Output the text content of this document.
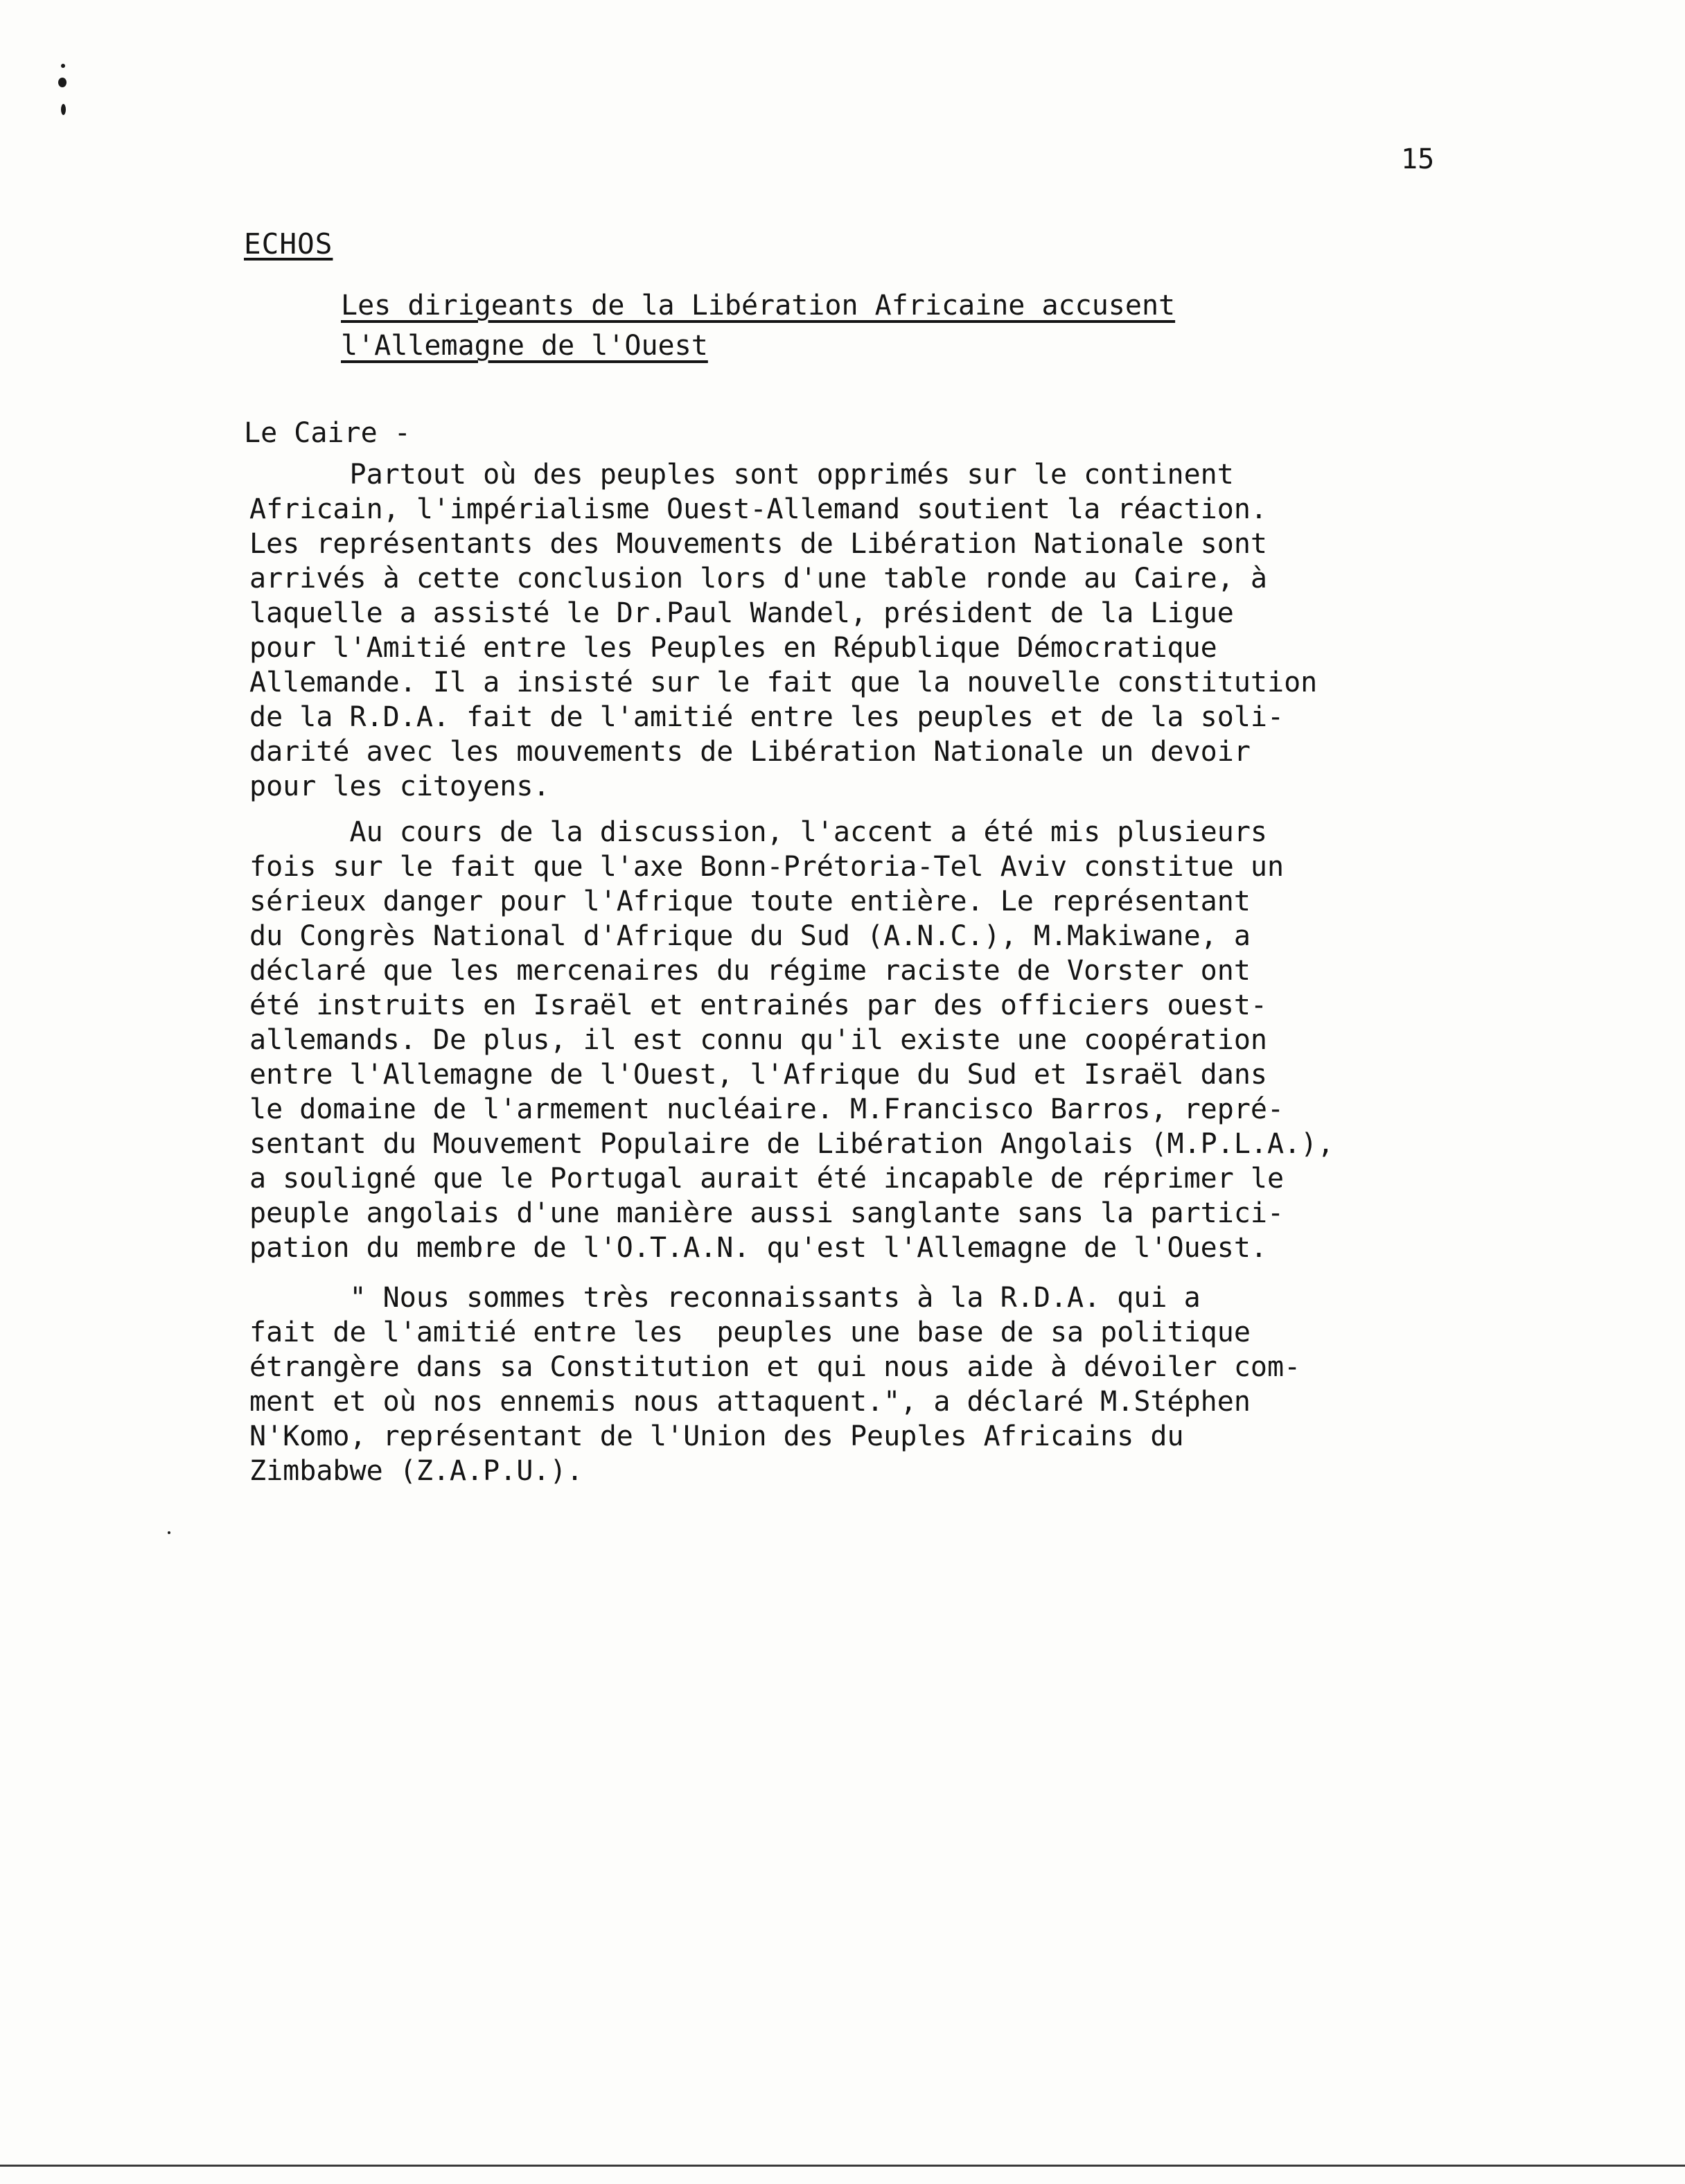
15
ECHOS
Les dirigeants de la Libération Africaine accusent
l'Allemagne de l'Ouest
Le Caire -
Partout où des peuples sont opprimés sur le continent
Africain, l'impérialisme Ouest-Allemand soutient la réaction.
Les représentants des Mouvements de Libération Nationale sont
arrivés à cette conclusion lors d'une table ronde au Caire, à
laquelle a assisté le Dr.Paul Wandel, président de la Ligue
pour l'Amitié entre les Peuples en République Démocratique
Allemande. Il a insisté sur le fait que la nouvelle constitution
de la R.D.A. fait de l'amitié entre les peuples et de la soli-
darité avec les mouvements de Libération Nationale un devoir
pour les citoyens.
Au cours de la discussion, l'accent a été mis plusieurs
fois sur le fait que l'axe Bonn-Prétoria-Tel Aviv constitue un
sérieux danger pour l'Afrique toute entière. Le représentant
du Congrès National d'Afrique du Sud (A.N.C.), M.Makiwane, a
déclaré que les mercenaires du régime raciste de Vorster ont
été instruits en Israël et entrainés par des officiers ouest-
allemands. De plus, il est connu qu'il existe une coopération
entre l'Allemagne de l'Ouest, l'Afrique du Sud et Israël dans
le domaine de l'armement nucléaire. M.Francisco Barros, repré-
sentant du Mouvement Populaire de Libération Angolais (M.P.L.A.),
a souligné que le Portugal aurait été incapable de réprimer le
peuple angolais d'une manière aussi sanglante sans la partici-
pation du membre de l'O.T.A.N. qu'est l'Allemagne de l'Ouest.
" Nous sommes très reconnaissants à la R.D.A. qui a
fait de l'amitié entre les  peuples une base de sa politique
étrangère dans sa Constitution et qui nous aide à dévoiler com-
ment et où nos ennemis nous attaquent.", a déclaré M.Stéphen
N'Komo, représentant de l'Union des Peuples Africains du
Zimbabwe (Z.A.P.U.).
